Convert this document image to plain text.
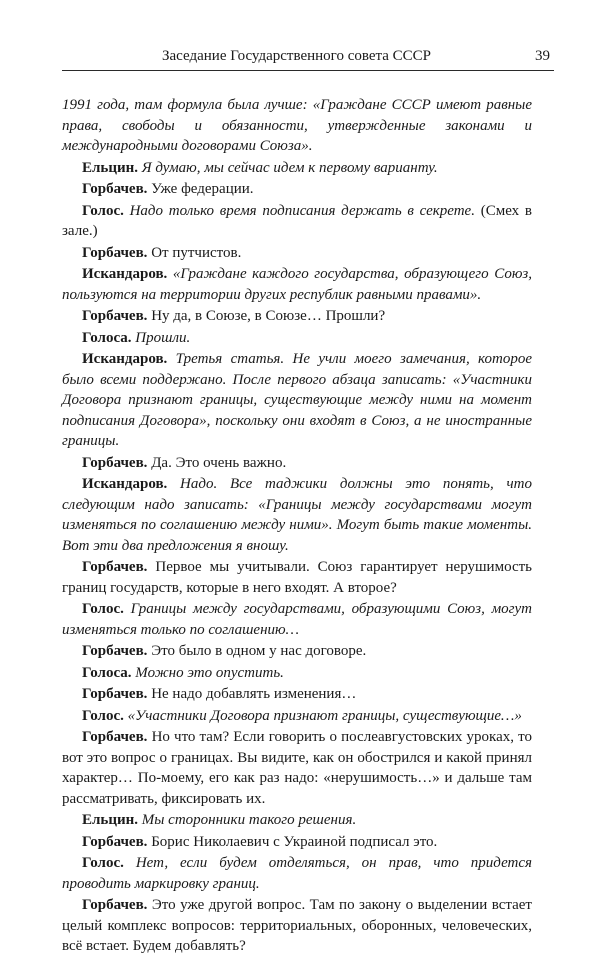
Заседание Государственного совета СССР	39

1991 года, там формула была лучше: «Граждане СССР имеют равные права, свободы и обязанности, утвержденные законами и международными договорами Союза».

Ельцин. Я думаю, мы сейчас идем к первому варианту.

Горбачев. Уже федерации.

Голос. Надо только время подписания держать в секрете. (Смех в зале.)

Горбачев. От путчистов.

Искандаров. «Граждане каждого государства, образующего Союз, пользуются на территории других республик равными правами».

Горбачев. Ну да, в Союзе, в Союзе… Прошли?

Голоса. Прошли.

Искандаров. Третья статья. Не учли моего замечания, которое было всеми поддержано. После первого абзаца записать: «Участники Договора признают границы, существующие между ними на момент подписания Договора», поскольку они входят в Союз, а не иностранные границы.

Горбачев. Да. Это очень важно.

Искандаров. Надо. Все таджики должны это понять, что следующим надо записать: «Границы между государствами могут изменяться по соглашению между ними». Могут быть такие моменты. Вот эти два предложения я вношу.

Горбачев. Первое мы учитывали. Союз гарантирует нерушимость границ государств, которые в него входят. А второе?

Голос. Границы между государствами, образующими Союз, могут изменяться только по соглашению…

Горбачев. Это было в одном у нас договоре.

Голоса. Можно это опустить.

Горбачев. Не надо добавлять изменения…

Голос. «Участники Договора признают границы, существующие…»

Горбачев. Но что там? Если говорить о послеавгустовских уроках, то вот это вопрос о границах. Вы видите, как он обострился и какой принял характер… По-моему, его как раз надо: «нерушимость…» и дальше там рассматривать, фиксировать их.

Ельцин. Мы сторонники такого решения.

Горбачев. Борис Николаевич с Украиной подписал это.

Голос. Нет, если будем отделяться, он прав, что придется проводить маркировку границ.

Горбачев. Это уже другой вопрос. Там по закону о выделении встает целый комплекс вопросов: территориальных, оборонных, человеческих, всё встает. Будем добавлять?
